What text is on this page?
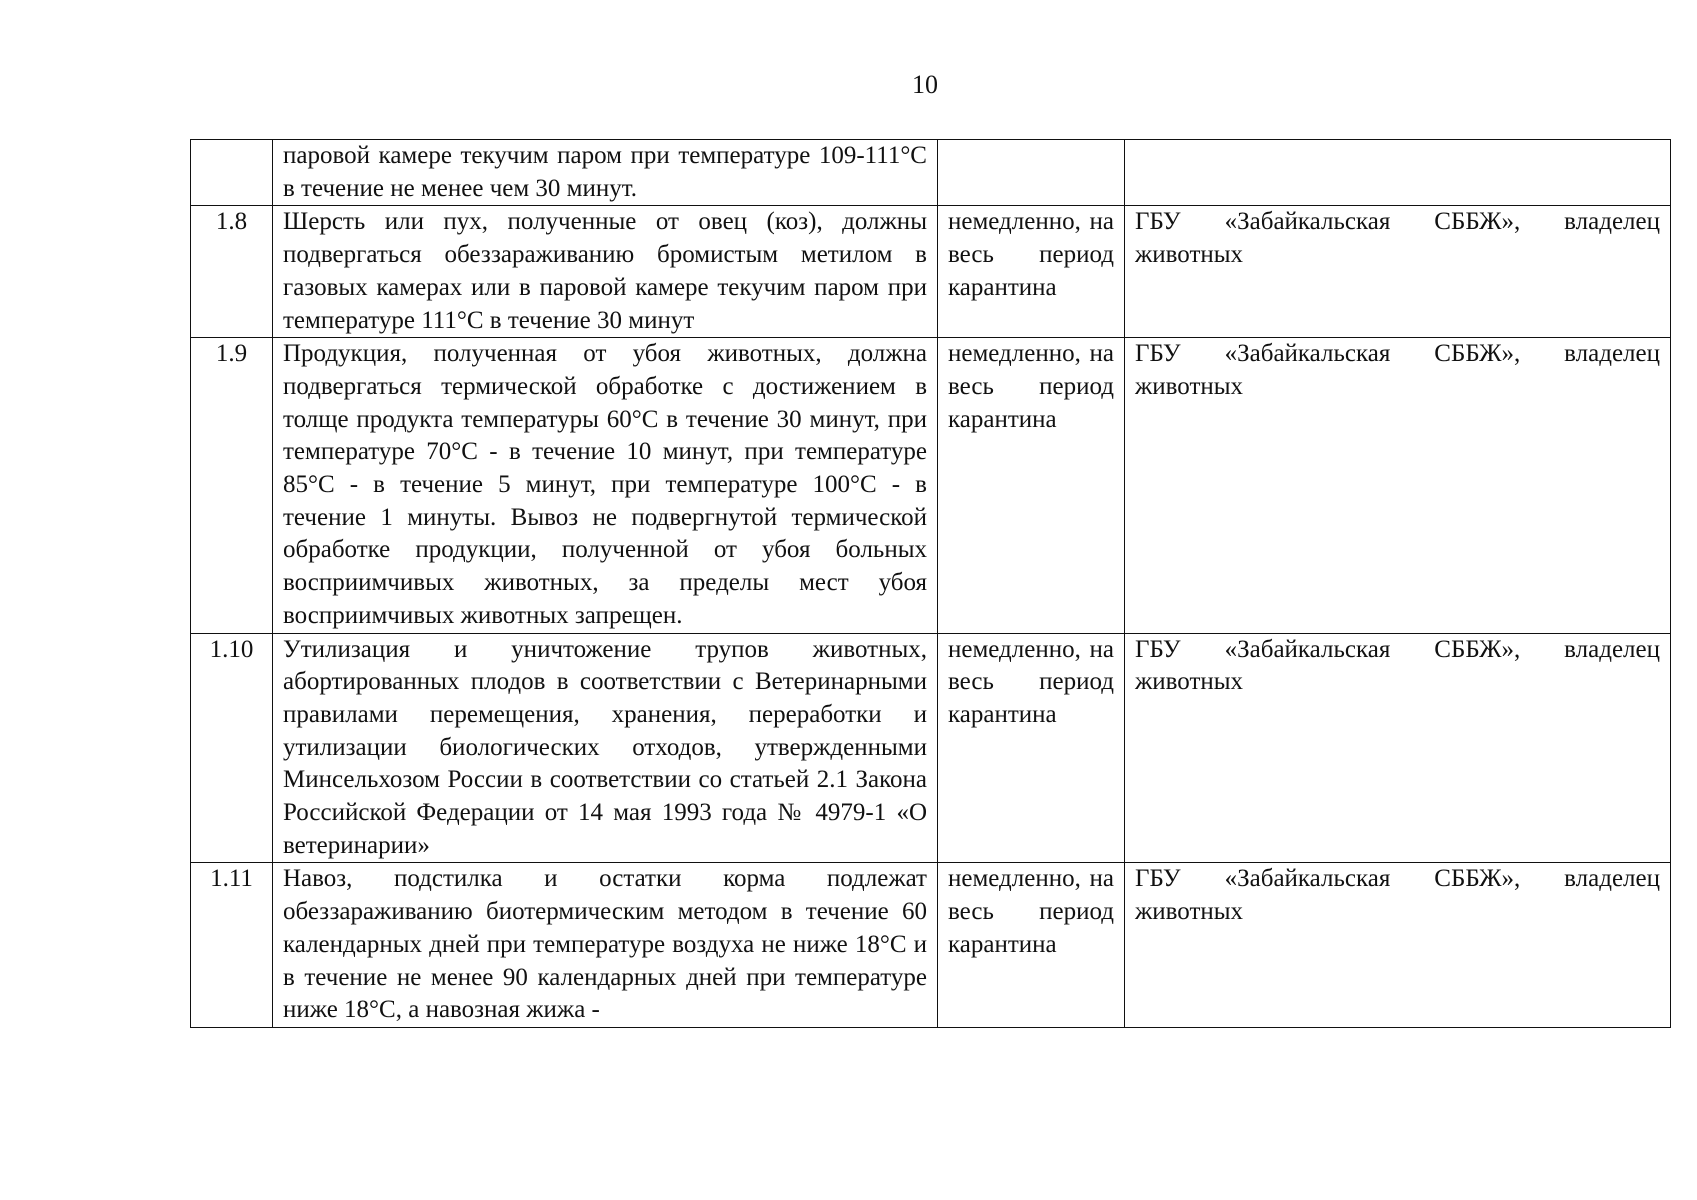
10
	паровой камере текучим паром при температуре 109-111°С в течение не менее чем 30 минут.		
1.8	Шерсть или пух, полученные от овец (коз), должны подвергаться обеззараживанию бромистым метилом в газовых камерах или в паровой камере текучим паром при температуре 111°С в течение 30 минут	немедленно, на весь период карантина	ГБУ «Забайкальская СББЖ», владелец животных
1.9	Продукция, полученная от убоя животных, должна подвергаться термической обработке с достижением в толще продукта температуры 60°С в течение 30 минут, при температуре 70°С - в течение 10 минут, при температуре 85°С - в течение 5 минут, при температуре 100°С - в течение 1 минуты. Вывоз не подвергнутой термической обработке продукции, полученной от убоя больных восприимчивых животных, за пределы мест убоя восприимчивых животных запрещен.	немедленно, на весь период карантина	ГБУ «Забайкальская СББЖ», владелец животных
1.10	Утилизация и уничтожение трупов животных, абортированных плодов в соответствии с Ветеринарными правилами перемещения, хранения, переработки и утилизации биологических отходов, утвержденными Минсельхозом России в соответствии со статьей 2.1 Закона Российской Федерации от 14 мая 1993 года № 4979-1 «О ветеринарии»	немедленно, на весь период карантина	ГБУ «Забайкальская СББЖ», владелец животных
1.11	Навоз, подстилка и остатки корма подлежат обеззараживанию биотермическим методом в течение 60 календарных дней при температуре воздуха не ниже 18°С и в течение не менее 90 календарных дней при температуре ниже 18°С, а навозная жижа -	немедленно, на весь период карантина	ГБУ «Забайкальская СББЖ», владелец животных
